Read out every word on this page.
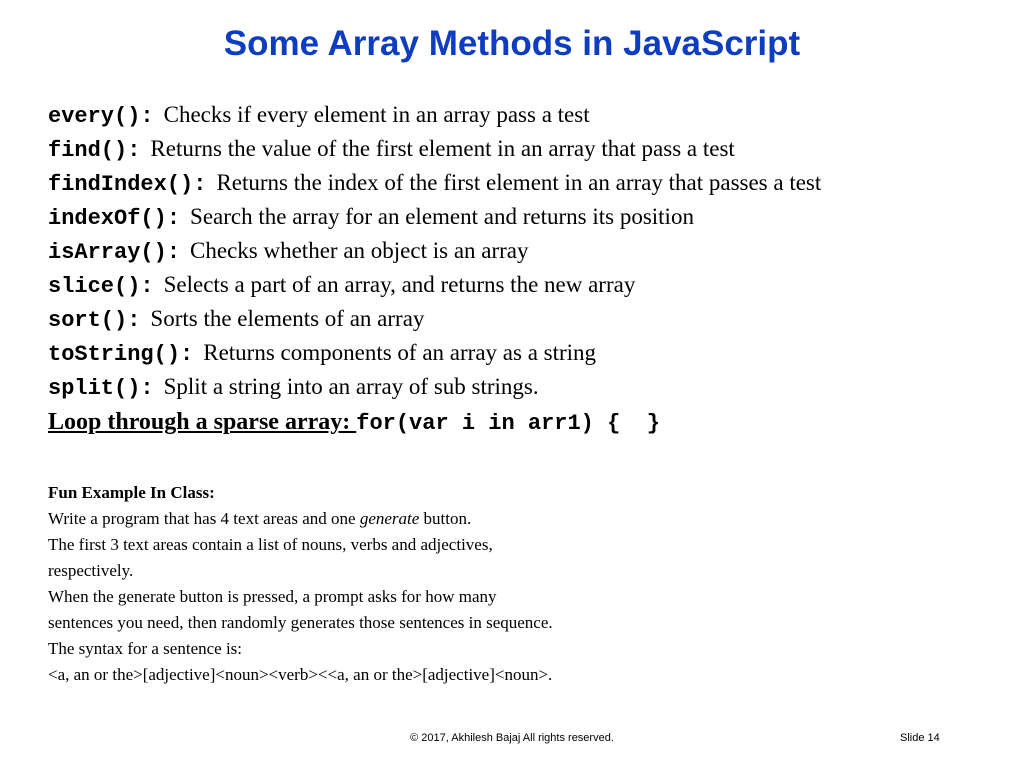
Some Array Methods in JavaScript
every(): Checks if every element in an array pass a test
find(): Returns the value of the first element in an array that pass a test
findIndex(): Returns the index of the first element in an array that passes a test
indexOf(): Search the array for an element and returns its position
isArray(): Checks whether an object is an array
slice(): Selects a part of an array, and returns the new array
sort(): Sorts the elements of an array
toString(): Returns components of an array as a string
split(): Split a string into an array of sub strings.
Loop through a sparse array: for(var i in arr1) {  }
Fun Example In Class:
Write a program that has 4 text areas and one generate button.
The first 3 text areas contain a list of nouns, verbs and adjectives,
respectively.
When the generate button is pressed, a prompt asks for how many
sentences you need, then randomly generates those sentences in sequence.
The syntax for a sentence is:
<a, an or the>[adjective]<noun><verb><<a, an or the>[adjective]<noun>.
© 2017, Akhilesh Bajaj All rights reserved.	Slide 14
